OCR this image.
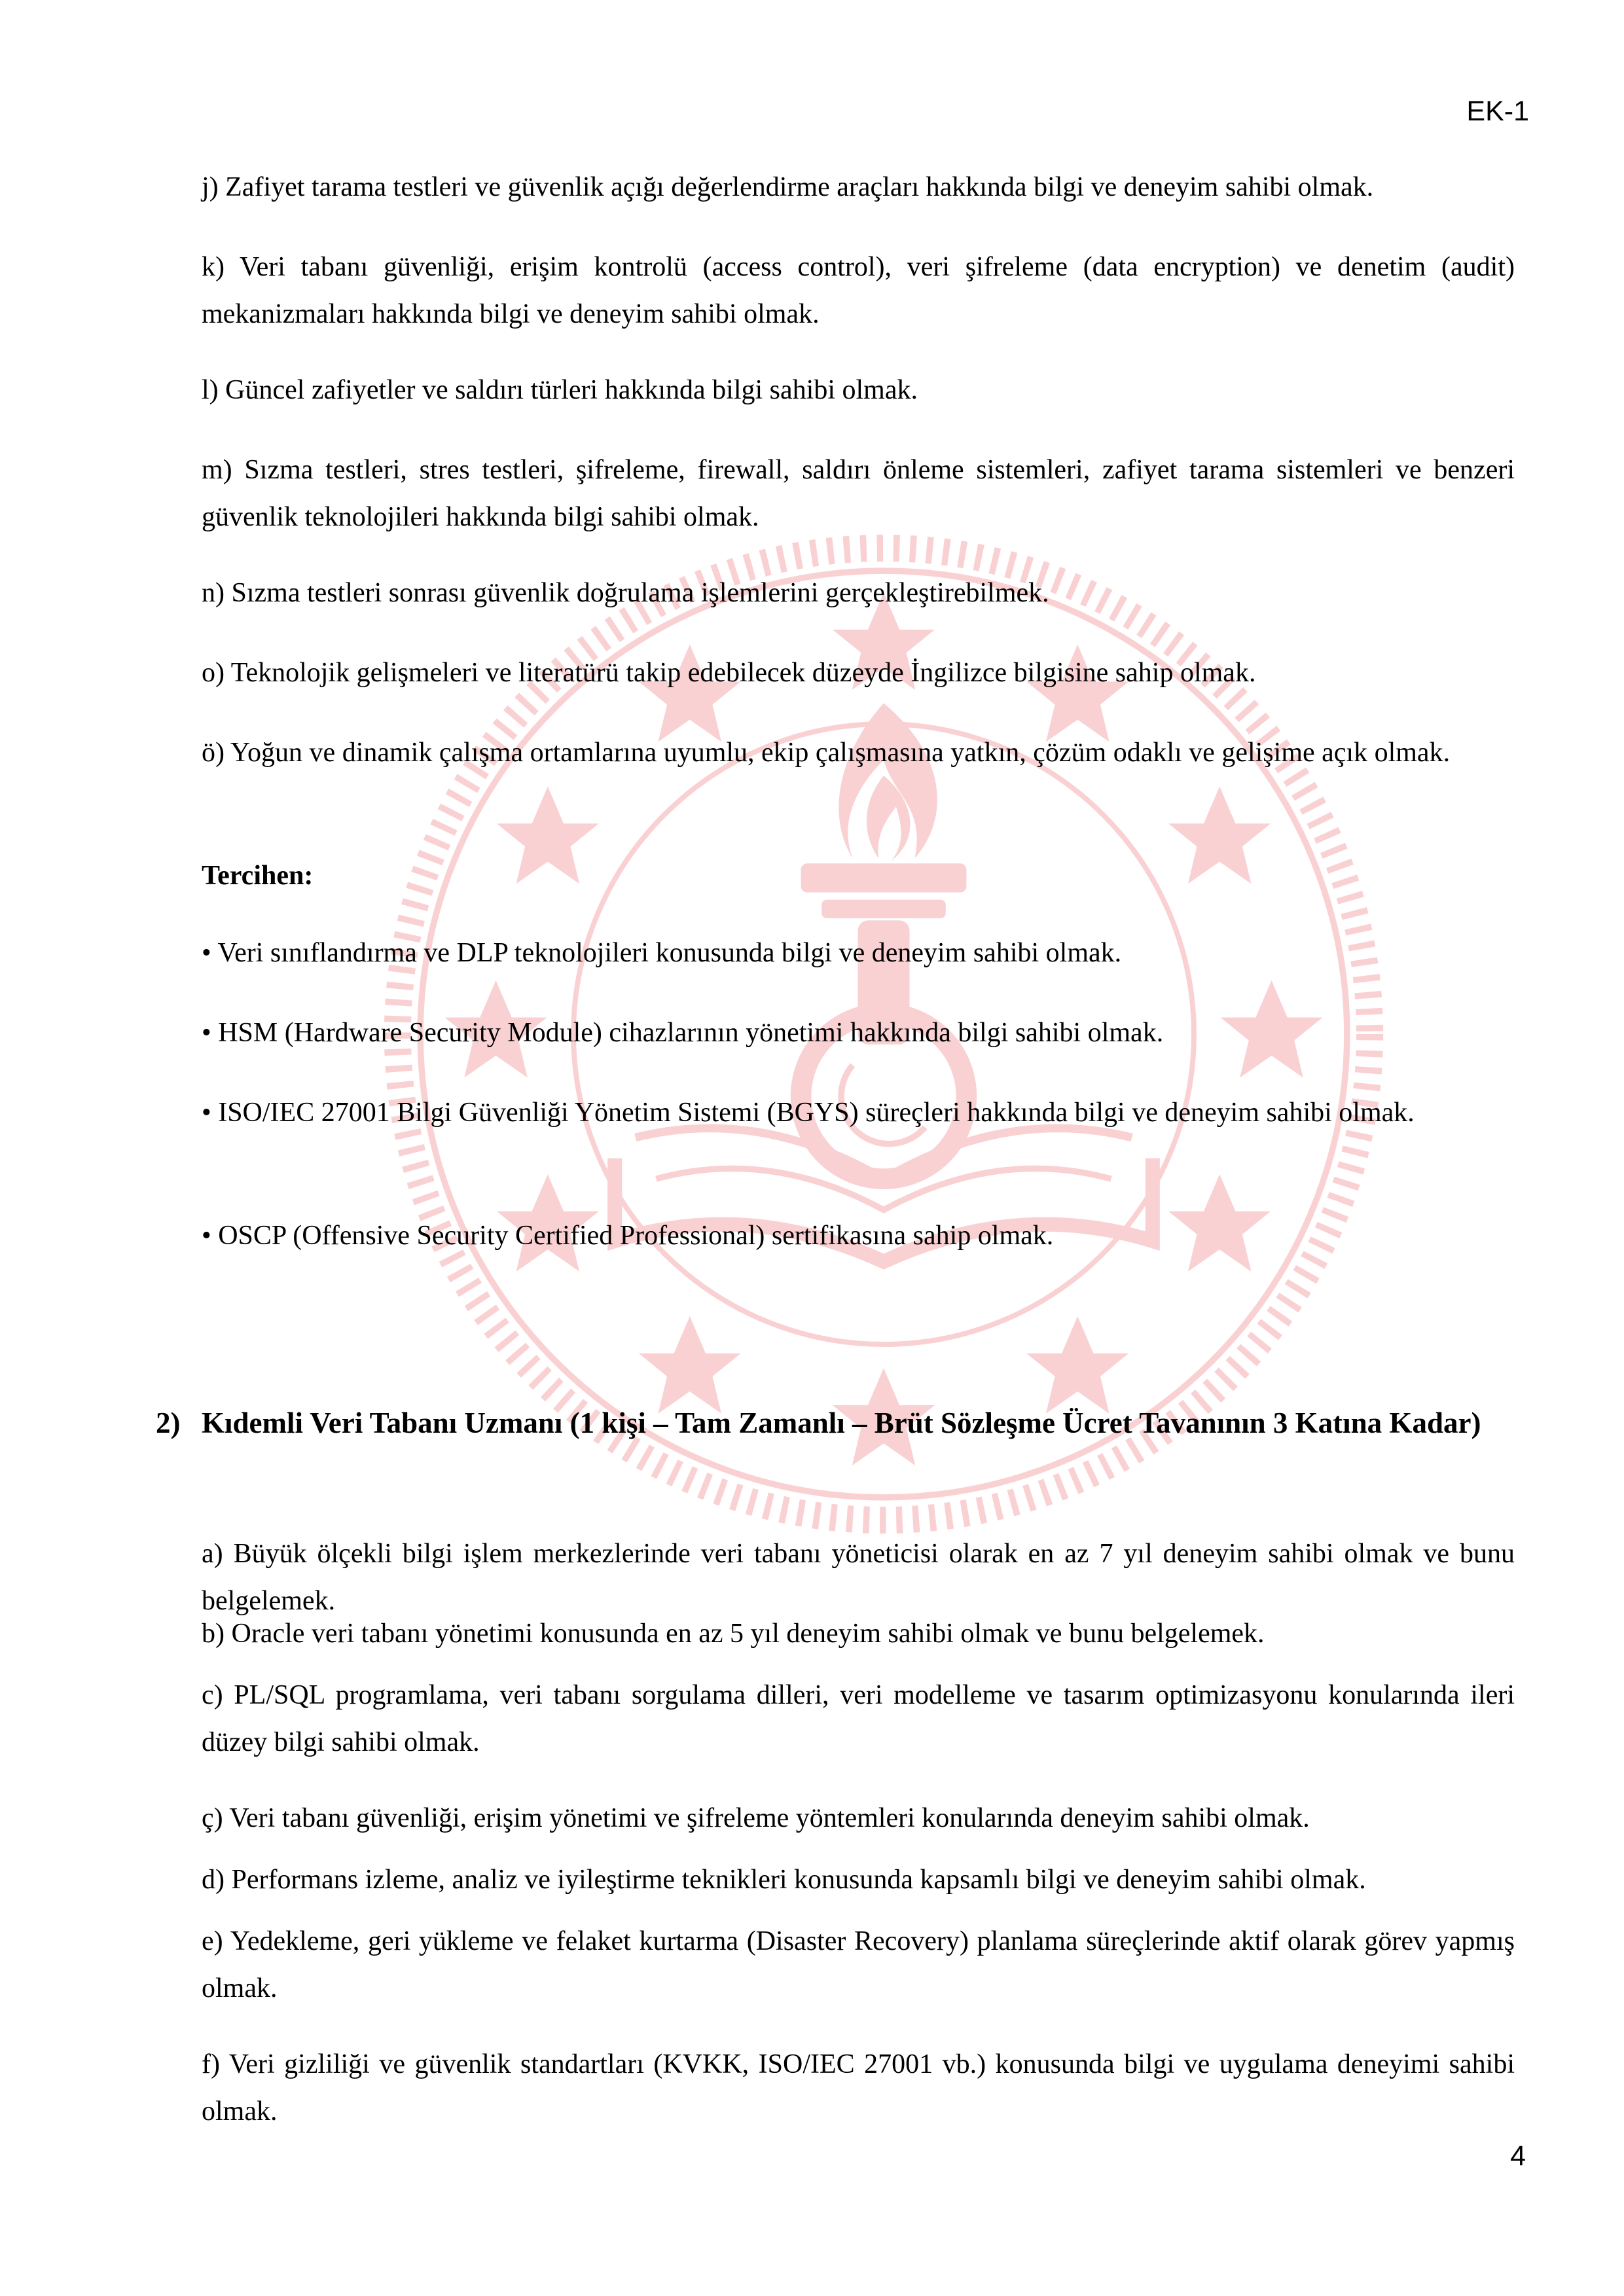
EK-1

j) Zafiyet tarama testleri ve güvenlik açığı değerlendirme araçları hakkında bilgi ve deneyim sahibi olmak.

k) Veri tabanı güvenliği, erişim kontrolü (access control), veri şifreleme (data encryption) ve denetim (audit) mekanizmaları hakkında bilgi ve deneyim sahibi olmak.

l) Güncel zafiyetler ve saldırı türleri hakkında bilgi sahibi olmak.

m) Sızma testleri, stres testleri, şifreleme, firewall, saldırı önleme sistemleri, zafiyet tarama sistemleri ve benzeri güvenlik teknolojileri hakkında bilgi sahibi olmak.

n) Sızma testleri sonrası güvenlik doğrulama işlemlerini gerçekleştirebilmek.

o) Teknolojik gelişmeleri ve literatürü takip edebilecek düzeyde İngilizce bilgisine sahip olmak.

ö) Yoğun ve dinamik çalışma ortamlarına uyumlu, ekip çalışmasına yatkın, çözüm odaklı ve gelişime açık olmak.

Tercihen:

• Veri sınıflandırma ve DLP teknolojileri konusunda bilgi ve deneyim sahibi olmak.

• HSM (Hardware Security Module) cihazlarının yönetimi hakkında bilgi sahibi olmak.

• ISO/IEC 27001 Bilgi Güvenliği Yönetim Sistemi (BGYS) süreçleri hakkında bilgi ve deneyim sahibi olmak.

• OSCP (Offensive Security Certified Professional) sertifikasına sahip olmak.

2) Kıdemli Veri Tabanı Uzmanı (1 kişi – Tam Zamanlı – Brüt Sözleşme Ücret Tavanının 3 Katına Kadar)

a) Büyük ölçekli bilgi işlem merkezlerinde veri tabanı yöneticisi olarak en az 7 yıl deneyim sahibi olmak ve bunu belgelemek.

b) Oracle veri tabanı yönetimi konusunda en az 5 yıl deneyim sahibi olmak ve bunu belgelemek.

c) PL/SQL programlama, veri tabanı sorgulama dilleri, veri modelleme ve tasarım optimizasyonu konularında ileri düzey bilgi sahibi olmak.

ç) Veri tabanı güvenliği, erişim yönetimi ve şifreleme yöntemleri konularında deneyim sahibi olmak.

d) Performans izleme, analiz ve iyileştirme teknikleri konusunda kapsamlı bilgi ve deneyim sahibi olmak.

e) Yedekleme, geri yükleme ve felaket kurtarma (Disaster Recovery) planlama süreçlerinde aktif olarak görev yapmış olmak.

f) Veri gizliliği ve güvenlik standartları (KVKK, ISO/IEC 27001 vb.) konusunda bilgi ve uygulama deneyimi sahibi olmak.

4
